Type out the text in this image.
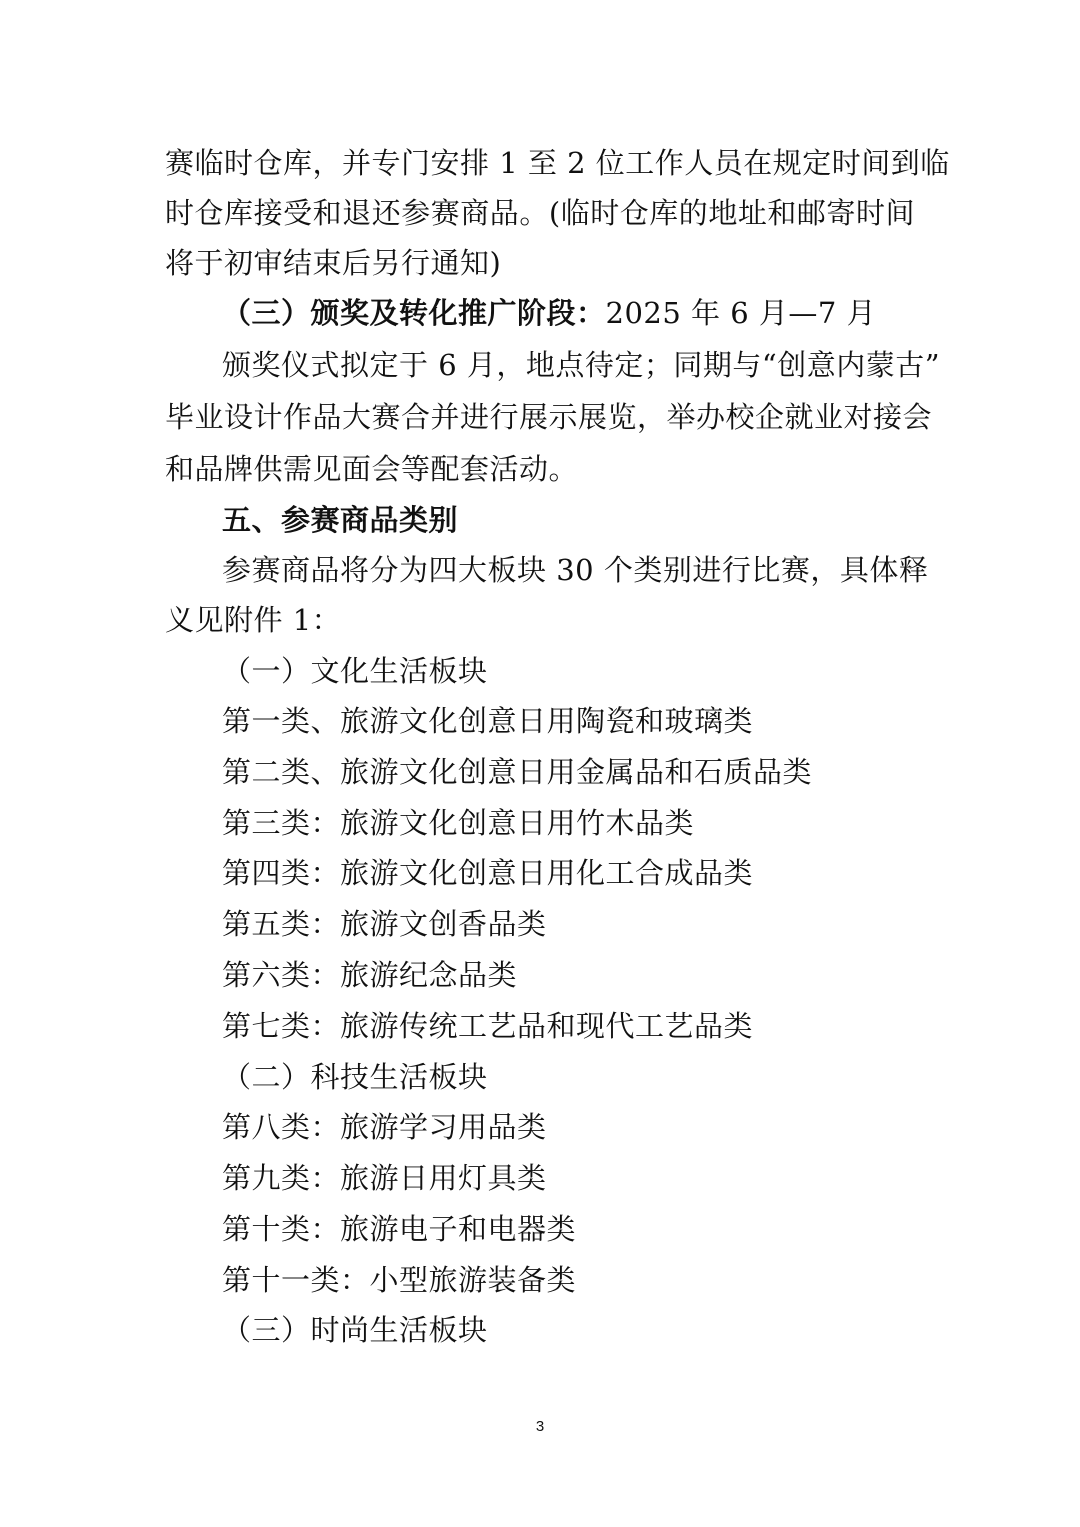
赛临时仓库，并专门安排 1 至 2 位工作人员在规定时间到临
时仓库接受和退还参赛商品。(临时仓库的地址和邮寄时间
将于初审结束后另行通知)
（三）颁奖及转化推广阶段：2025 年 6 月—7 月
颁奖仪式拟定于 6 月，地点待定；同期与“创意内蒙古”
毕业设计作品大赛合并进行展示展览，举办校企就业对接会
和品牌供需见面会等配套活动。
五、参赛商品类别
参赛商品将分为四大板块 30 个类别进行比赛，具体释
义见附件 1：
（一）文化生活板块
第一类、旅游文化创意日用陶瓷和玻璃类
第二类、旅游文化创意日用金属品和石质品类
第三类：旅游文化创意日用竹木品类
第四类：旅游文化创意日用化工合成品类
第五类：旅游文创香品类
第六类：旅游纪念品类
第七类：旅游传统工艺品和现代工艺品类
（二）科技生活板块
第八类：旅游学习用品类
第九类：旅游日用灯具类
第十类：旅游电子和电器类
第十一类：小型旅游装备类
（三）时尚生活板块
3
